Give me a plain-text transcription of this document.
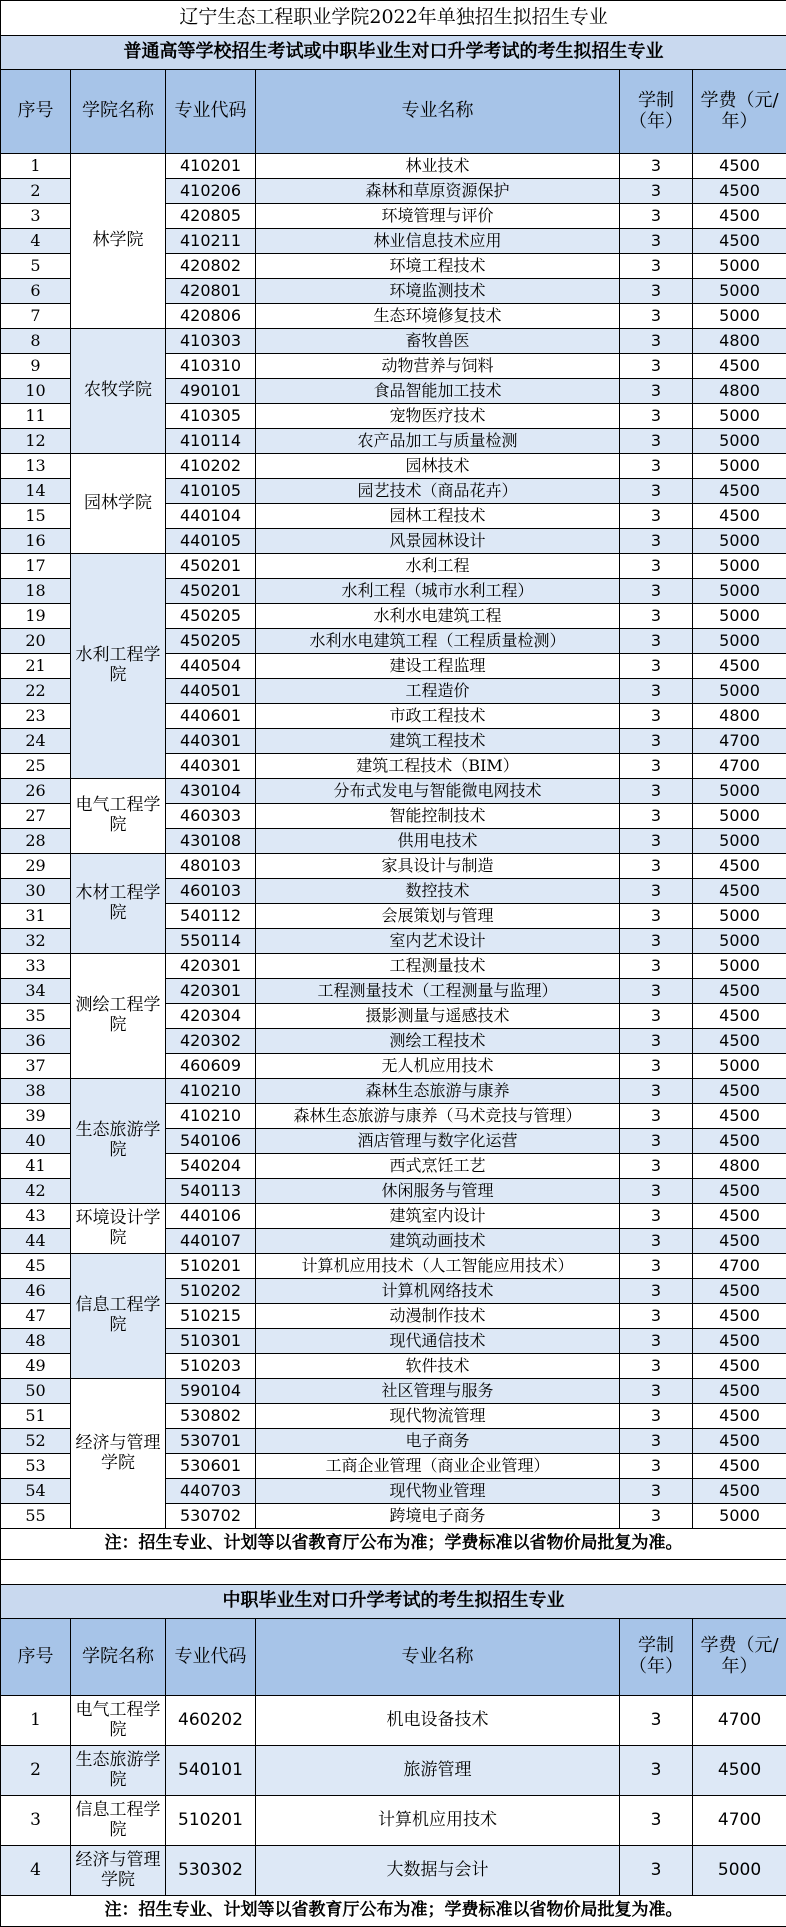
辽宁生态工程职业学院2022年单独招生拟招生专业					
普通高等学校招生考试或中职毕业生对口升学考试的考生拟招生专业					
序号	学院名称	专业代码	专业名称	学制（年）	学费（元/年）
1	林学院	410201	林业技术	3	4500
2		410206	森林和草原资源保护	3	4500
3		420805	环境管理与评价	3	4500
4		410211	林业信息技术应用	3	4500
5		420802	环境工程技术	3	5000
6		420801	环境监测技术	3	5000
7		420806	生态环境修复技术	3	5000
8	农牧学院	410303	畜牧兽医	3	4800
9		410310	动物营养与饲料	3	4500
10		490101	食品智能加工技术	3	4800
11		410305	宠物医疗技术	3	5000
12		410114	农产品加工与质量检测	3	5000
13	园林学院	410202	园林技术	3	5000
14		410105	园艺技术（商品花卉）	3	4500
15		440104	园林工程技术	3	4500
16		440105	风景园林设计	3	5000
17	水利工程学院	450201	水利工程	3	5000
18		450201	水利工程（城市水利工程）	3	5000
19		450205	水利水电建筑工程	3	5000
20		450205	水利水电建筑工程（工程质量检测）	3	5000
21		440504	建设工程监理	3	4500
22		440501	工程造价	3	5000
23		440601	市政工程技术	3	4800
24		440301	建筑工程技术	3	4700
25		440301	建筑工程技术（BIM）	3	4700
26	电气工程学院	430104	分布式发电与智能微电网技术	3	5000
27		460303	智能控制技术	3	5000
28		430108	供用电技术	3	5000
29	木材工程学院	480103	家具设计与制造	3	4500
30		460103	数控技术	3	4500
31		540112	会展策划与管理	3	5000
32		550114	室内艺术设计	3	5000
33	测绘工程学院	420301	工程测量技术	3	5000
34		420301	工程测量技术（工程测量与监理）	3	4500
35		420304	摄影测量与遥感技术	3	4500
36		420302	测绘工程技术	3	4500
37		460609	无人机应用技术	3	5000
38	生态旅游学院	410210	森林生态旅游与康养	3	4500
39		410210	森林生态旅游与康养（马术竞技与管理）	3	4500
40		540106	酒店管理与数字化运营	3	4500
41		540204	西式烹饪工艺	3	4800
42		540113	休闲服务与管理	3	4500
43	环境设计学院	440106	建筑室内设计	3	4500
44		440107	建筑动画技术	3	4500
45	信息工程学院	510201	计算机应用技术（人工智能应用技术）	3	4700
46		510202	计算机网络技术	3	4500
47		510215	动漫制作技术	3	4500
48		510301	现代通信技术	3	4500
49		510203	软件技术	3	4500
50	经济与管理学院	590104	社区管理与服务	3	4500
51		530802	现代物流管理	3	4500
52		530701	电子商务	3	4500
53		530601	工商企业管理（商业企业管理）	3	4500
54		440703	现代物业管理	3	4500
55		530702	跨境电子商务	3	5000
注：招生专业、计划等以省教育厅公布为准；学费标准以省物价局批复为准。					

中职毕业生对口升学考试的考生拟招生专业					
序号	学院名称	专业代码	专业名称	学制（年）	学费（元/年）
1	电气工程学院	460202	机电设备技术	3	4700
2	生态旅游学院	540101	旅游管理	3	4500
3	信息工程学院	510201	计算机应用技术	3	4700
4	经济与管理学院	530302	大数据与会计	3	5000
注：招生专业、计划等以省教育厅公布为准；学费标准以省物价局批复为准。					
